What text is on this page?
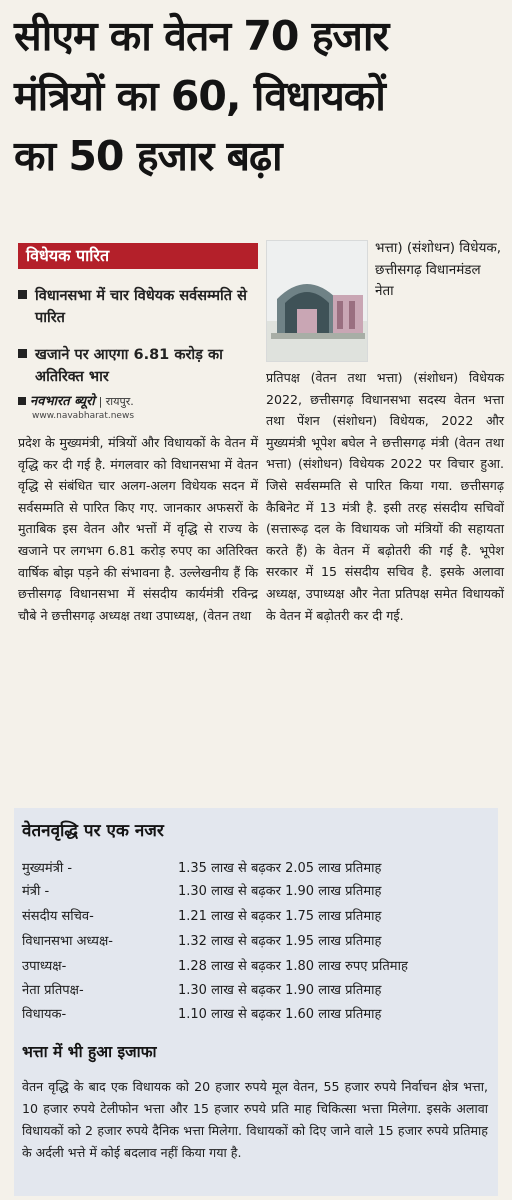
सीएम का वेतन 70 हजार
मंत्रियों का 60, विधायकों
का 50 हजार बढ़ा
विधेयक पारित
विधानसभा में चार विधेयक सर्वसम्मति से पारित
खजाने पर आएगा 6.81 करोड़ का अतिरिक्त भार
नवभारत ब्यूरो | रायपुर.
www.navabharat.news
प्रदेश के मुख्यमंत्री, मंत्रियों और विधायकों के वेतन में वृद्धि कर दी गई है. मंगलवार को विधानसभा में वेतन वृद्धि से संबंधित चार अलग-अलग विधेयक सदन में सर्वसम्मति से पारित किए गए. जानकार अफसरों के मुताबिक इस वेतन और भत्तों में वृद्धि से राज्य के खजाने पर लगभग 6.81 करोड़ रुपए का अतिरिक्त वार्षिक बोझ पड़ने की संभावना है. उल्लेखनीय हैं कि छत्तीसगढ़ विधानसभा में संसदीय कार्यमंत्री रविन्द्र चौबे ने छत्तीसगढ़ अध्यक्ष तथा उपाध्यक्ष, (वेतन तथा
भत्ता) (संशोधन) विधेयक, छत्तीसगढ़ विधानमंडल नेता
प्रतिपक्ष (वेतन तथा भत्ता) (संशोधन) विधेयक 2022, छत्तीसगढ़ विधानसभा सदस्य वेतन भत्ता तथा पेंशन (संशोधन) विधेयक, 2022 और मुख्यमंत्री भूपेश बघेल ने छत्तीसगढ़ मंत्री (वेतन तथा भत्ता) (संशोधन) विधेयक 2022 पर विचार हुआ. जिसे सर्वसम्मति से पारित किया गया. छत्तीसगढ़ कैबिनेट में 13 मंत्री है. इसी तरह संसदीय सचिवों (सत्तारूढ़ दल के विधायक जो मंत्रियों की सहायता करते हैं) के वेतन में बढ़ोतरी की गई है. भूपेश सरकार में 15 संसदीय सचिव है. इसके अलावा अध्यक्ष, उपाध्यक्ष और नेता प्रतिपक्ष समेत विधायकों के वेतन में बढ़ोतरी कर दी गई.
वेतनवृद्धि पर एक नजर
मुख्यमंत्री -	1.35 लाख से बढ़कर 2.05 लाख प्रतिमाह
मंत्री -	1.30 लाख से बढ़कर 1.90 लाख प्रतिमाह
संसदीय सचिव-	1.21 लाख से बढ़कर 1.75 लाख प्रतिमाह
विधानसभा अध्यक्ष-	1.32 लाख से बढ़कर 1.95 लाख प्रतिमाह
उपाध्यक्ष-	1.28 लाख से बढ़कर 1.80 लाख रुपए प्रतिमाह
नेता प्रतिपक्ष-	1.30 लाख से बढ़कर 1.90 लाख प्रतिमाह
विधायक-	1.10 लाख से बढ़कर 1.60 लाख प्रतिमाह
भत्ता में भी हुआ इजाफा
वेतन वृद्धि के बाद एक विधायक को 20 हजार रुपये मूल वेतन, 55 हजार रुपये निर्वाचन क्षेत्र भत्ता, 10 हजार रुपये टेलीफोन भत्ता और 15 हजार रुपये प्रति माह चिकित्सा भत्ता मिलेगा. इसके अलावा विधायकों को 2 हजार रुपये दैनिक भत्ता मिलेगा. विधायकों को दिए जाने वाले 15 हजार रुपये प्रतिमाह के अर्दली भत्ते में कोई बदलाव नहीं किया गया है.
